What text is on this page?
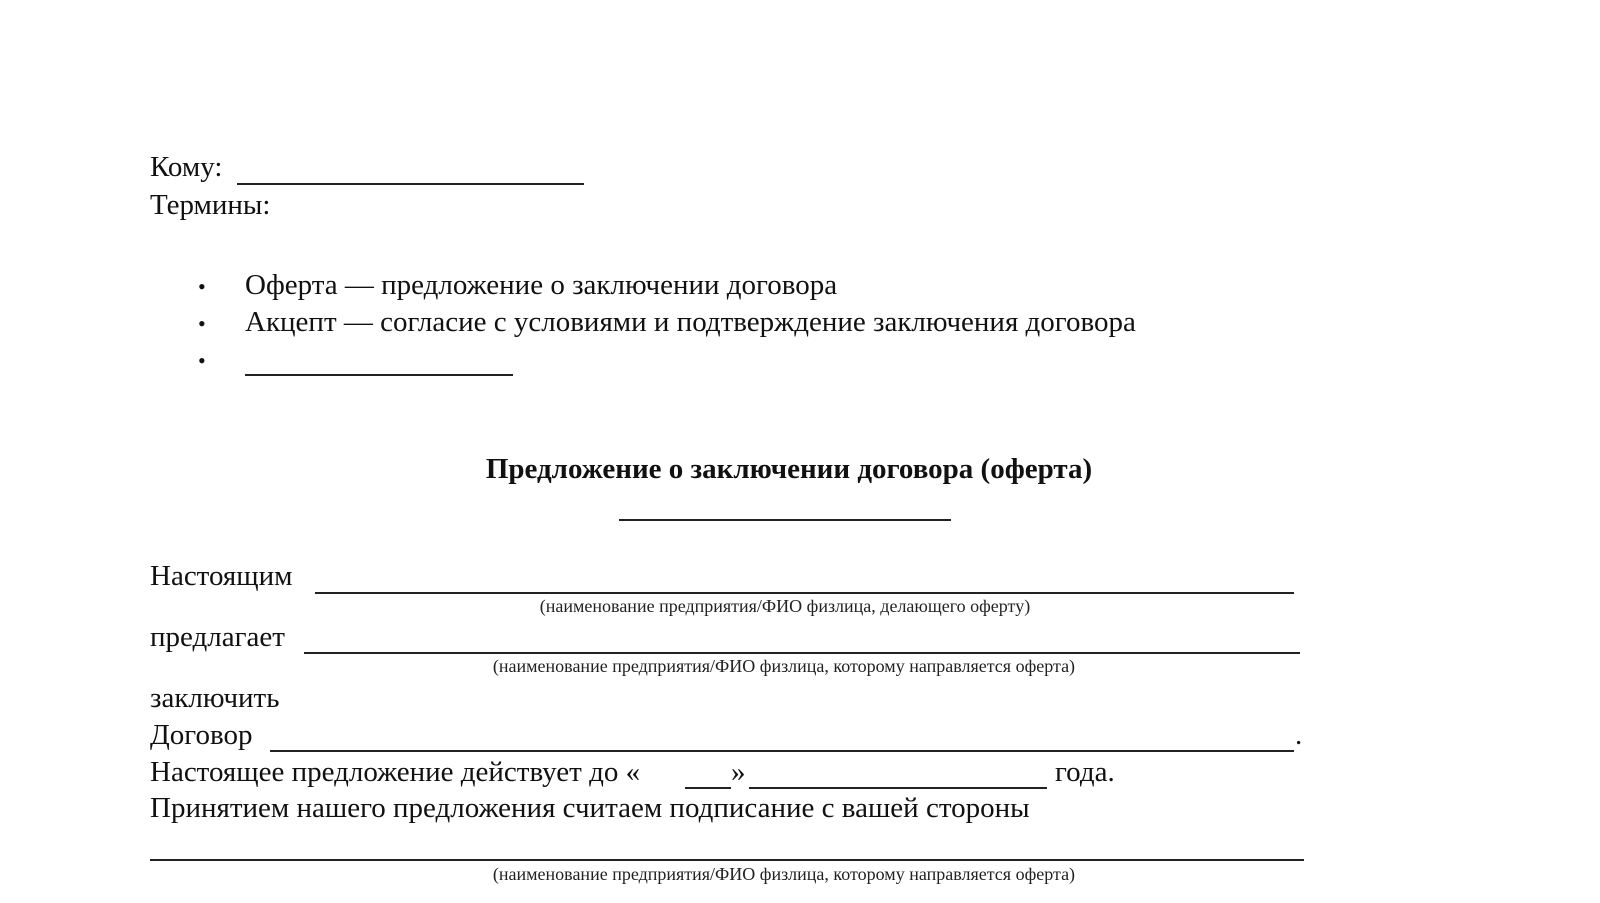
Кому:
Термины:
• Оферта — предложение о заключении договора
• Акцепт — согласие с условиями и подтверждение заключения договора
•
Предложение о заключении договора (оферта)
Настоящим
(наименование предприятия/ФИО физлица, делающего оферту)
предлагает
(наименование предприятия/ФИО физлица, которому направляется оферта)
заключить
Договор	.
Настоящее предложение действует до «	»	года.
Принятием нашего предложения считаем подписание с вашей стороны
(наименование предприятия/ФИО физлица, которому направляется оферта)
